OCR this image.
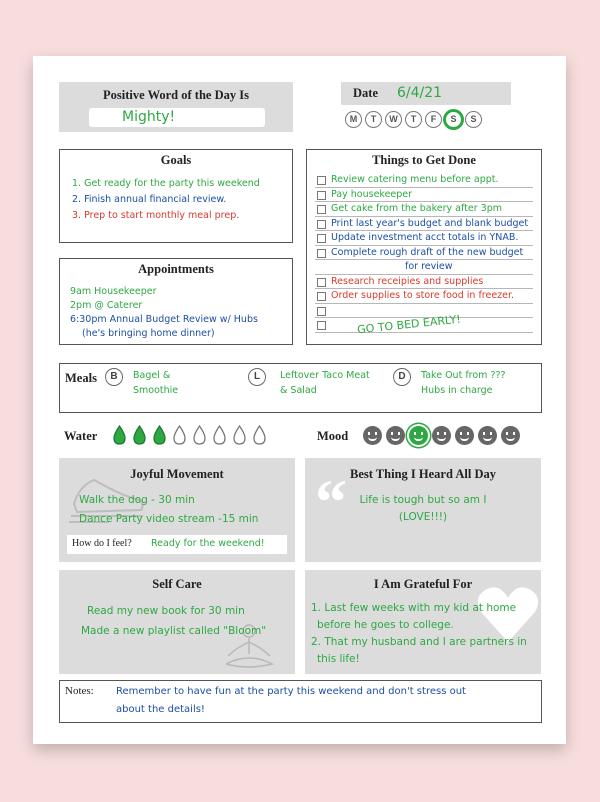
Positive Word of the Day Is
Mighty!
Date 6/4/21
M	T	W	T	F	S	S
Goals
1. Get ready for the party this weekend
2. Finish annual financial review.
3. Prep to start monthly meal prep.
Things to Get Done
Review catering menu before appt.
Pay housekeeper
Get cake from the bakery after 3pm
Print last year's budget and blank budget
Update investment acct totals in YNAB.
Complete rough draft of the new budget
for review
Research receipies and supplies
Order supplies to store food in freezer.
GO TO BED EARLY!
Appointments
9am Housekeeper
2pm @ Caterer
6:30pm Annual Budget Review w/ Hubs
(he's bringing home dinner)
Meals	B	Bagel &
Smoothie
L	Leftover Taco Meat
& Salad
D	Take Out from ???
Hubs in charge
Water	Mood
Joyful Movement
Walk the dog - 30 min
Dance Party video stream -15 min
How do I feel? Ready for the weekend!
“ Best Thing I Heard All Day
Life is tough but so am I
(LOVE!!!)
Self Care
Read my new book for 30 min
Made a new playlist called "Bloom"
I Am Grateful For
1. Last few weeks with my kid at home
before he goes to college.
2. That my husband and I are partners in
this life!
Notes: Remember to have fun at the party this weekend and don't stress out
about the details!
